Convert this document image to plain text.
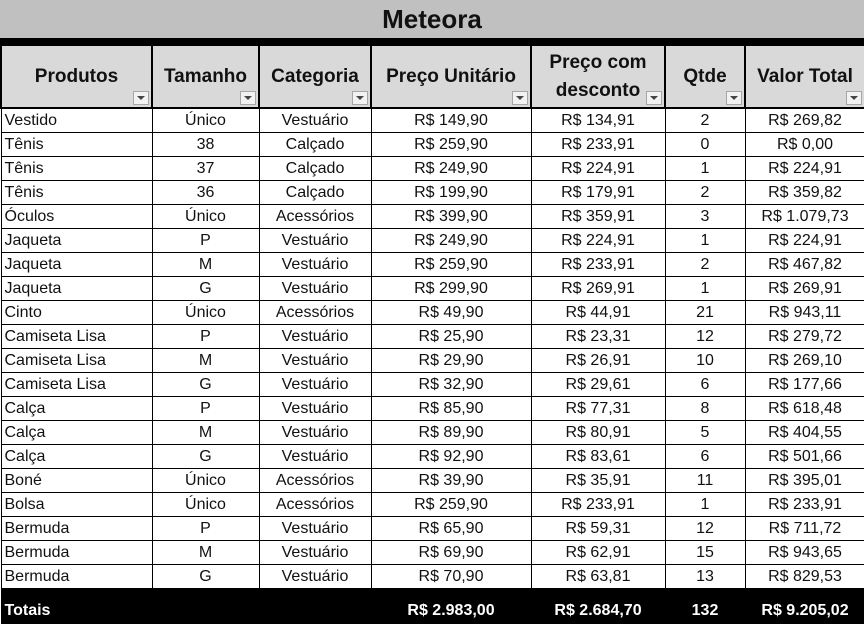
Meteora
Produtos	Tamanho	Categoria	Preço Unitário	Preço com desconto	Qtde	Valor Total

Vestido	Único	Vestuário	R$ 149,90	R$ 134,91	2	R$ 269,82
Tênis	38	Calçado	R$ 259,90	R$ 233,91	0	R$ 0,00
Tênis	37	Calçado	R$ 249,90	R$ 224,91	1	R$ 224,91
Tênis	36	Calçado	R$ 199,90	R$ 179,91	2	R$ 359,82
Óculos	Único	Acessórios	R$ 399,90	R$ 359,91	3	R$ 1.079,73
Jaqueta	P	Vestuário	R$ 249,90	R$ 224,91	1	R$ 224,91
Jaqueta	M	Vestuário	R$ 259,90	R$ 233,91	2	R$ 467,82
Jaqueta	G	Vestuário	R$ 299,90	R$ 269,91	1	R$ 269,91
Cinto	Único	Acessórios	R$ 49,90	R$ 44,91	21	R$ 943,11
Camiseta Lisa	P	Vestuário	R$ 25,90	R$ 23,31	12	R$ 279,72
Camiseta Lisa	M	Vestuário	R$ 29,90	R$ 26,91	10	R$ 269,10
Camiseta Lisa	G	Vestuário	R$ 32,90	R$ 29,61	6	R$ 177,66
Calça	P	Vestuário	R$ 85,90	R$ 77,31	8	R$ 618,48
Calça	M	Vestuário	R$ 89,90	R$ 80,91	5	R$ 404,55
Calça	G	Vestuário	R$ 92,90	R$ 83,61	6	R$ 501,66
Boné	Único	Acessórios	R$ 39,90	R$ 35,91	11	R$ 395,01
Bolsa	Único	Acessórios	R$ 259,90	R$ 233,91	1	R$ 233,91
Bermuda	P	Vestuário	R$ 65,90	R$ 59,31	12	R$ 711,72
Bermuda	M	Vestuário	R$ 69,90	R$ 62,91	15	R$ 943,65
Bermuda	G	Vestuário	R$ 70,90	R$ 63,81	13	R$ 829,53
Totais			R$ 2.983,00	R$ 2.684,70	132	R$ 9.205,02
